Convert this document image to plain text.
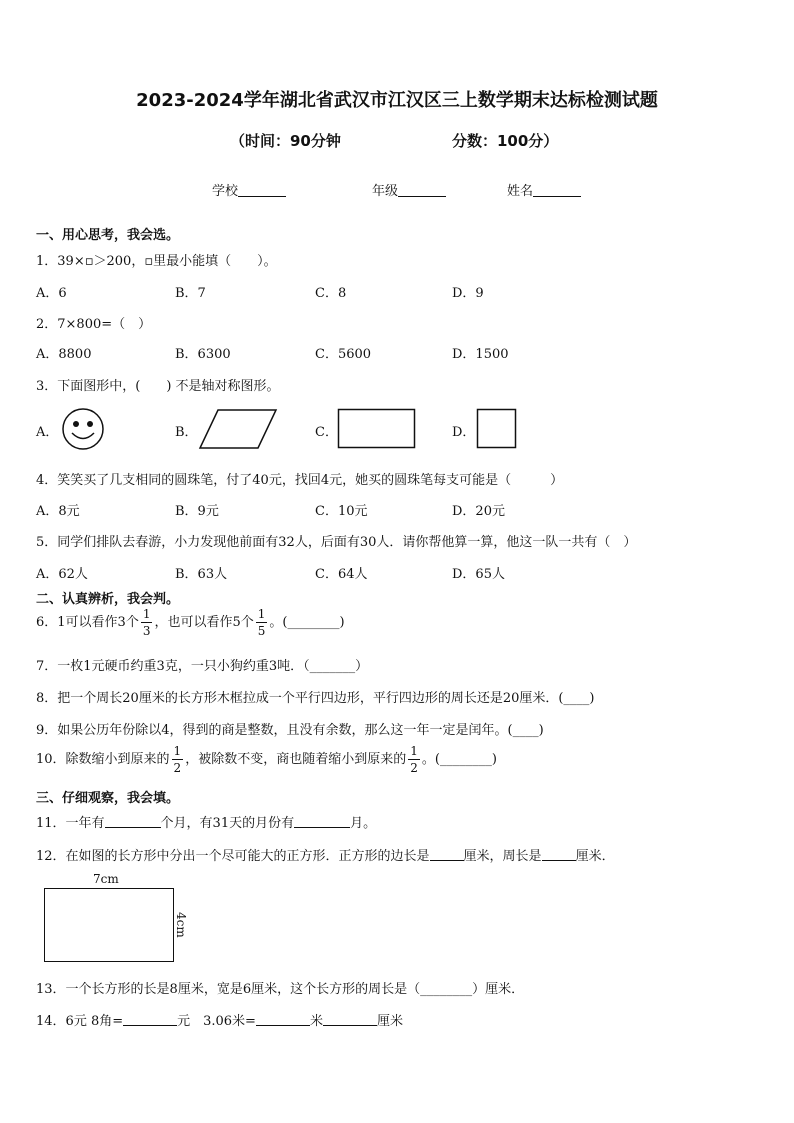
2023-2024学年湖北省武汉市江汉区三上数学期末达标检测试题
（时间：90分钟	分数：100分）
学校	年级	姓名
一、用心思考，我会选。
1．39×▫＞200，▫里最小能填（　　）。
A．6	B．7	C．8	D．9
2．7×800=（　）
A．8800	B．6300	C．5600	D．1500
3．下面图形中，(　　) 不是轴对称图形。
A．	B．	C．	D．
4．笑笑买了几支相同的圆珠笔，付了40元，找回4元，她买的圆珠笔每支可能是（　　　）
A．8元	B．9元	C．10元	D．20元
5．同学们排队去春游，小力发现他前面有32人，后面有30人．请你帮他算一算，他这一队一共有（　）
A．62人	B．63人	C．64人	D．65人
二、认真辨析，我会判。
6．1可以看作3个 $\frac{1}{3}$ ，也可以看作5个 $\frac{1}{5}$ 。(________)
7．一枚1元硬币约重3克，一只小狗约重3吨．（_______）
8．把一个周长20厘米的长方形木框拉成一个平行四边形，平行四边形的周长还是20厘米．(____)
9．如果公历年份除以4，得到的商是整数，且没有余数，那么这一年一定是闰年。(____)
10．除数缩小到原来的 $\frac{1}{2}$ ，被除数不变，商也随着缩小到原来的 $\frac{1}{2}$ 。(________)
三、仔细观察，我会填。
11．一年有	个月，有31天的月份有	月。
12．在如图的长方形中分出一个尽可能大的正方形．正方形的边长是	厘米，周长是	厘米．
7cm
4cm
13．一个长方形的长是8厘米，宽是6厘米，这个长方形的周长是（________）厘米．
14．6元 8角=	元　3.06米=	米	厘米
